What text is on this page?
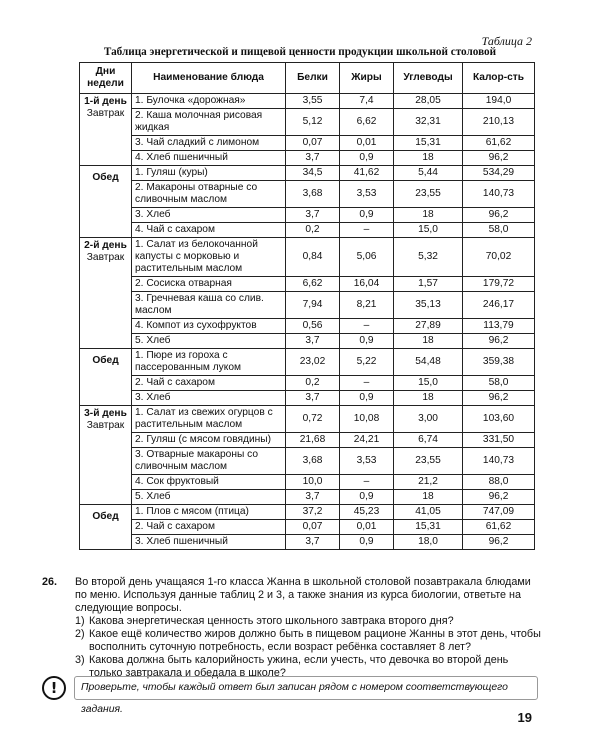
Таблица 2
Таблица энергетической и пищевой ценности продукции школьной столовой
Дни недели	Наименование блюда	Белки	Жиры	Углеводы	Калор-сть

1-й день
Завтрак	1. Булочка «дорожная»	3,55	7,4	28,05	194,0
	2. Каша молочная рисовая жидкая	5,12	6,62	32,31	210,13
	3. Чай сладкий с лимоном	0,07	0,01	15,31	61,62
	4. Хлеб пшеничный	3,7	0,9	18	96,2

Обед	1. Гуляш (куры)	34,5	41,62	5,44	534,29
	2. Макароны отварные со сливочным маслом	3,68	3,53	23,55	140,73
	3. Хлеб	3,7	0,9	18	96,2
	4. Чай с сахаром	0,2	–	15,0	58,0

2-й день
Завтрак	1. Салат из белокочанной капусты с морковью и растительным маслом	0,84	5,06	5,32	70,02
	2. Сосиска отварная	6,62	16,04	1,57	179,72
	3. Гречневая каша со слив. маслом	7,94	8,21	35,13	246,17
	4. Компот из сухофруктов	0,56	–	27,89	113,79
	5. Хлеб	3,7	0,9	18	96,2

Обед	1. Пюре из гороха с пассерованным луком	23,02	5,22	54,48	359,38
	2. Чай с сахаром	0,2	–	15,0	58,0
	3. Хлеб	3,7	0,9	18	96,2

3-й день
Завтрак	1. Салат из свежих огурцов с растительным маслом	0,72	10,08	3,00	103,60
	2. Гуляш (с мясом говядины)	21,68	24,21	6,74	331,50
	3. Отварные макароны со сливочным маслом	3,68	3,53	23,55	140,73
	4. Сок фруктовый	10,0	–	21,2	88,0
	5. Хлеб	3,7	0,9	18	96,2

Обед	1. Плов с мясом (птица)	37,2	45,23	41,05	747,09
	2. Чай с сахаром	0,07	0,01	15,31	61,62
	3. Хлеб пшеничный	3,7	0,9	18,0	96,2
26. Во второй день учащаяся 1-го класса Жанна в школьной столовой позавтракала блюдами по меню. Используя данные таблиц 2 и 3, а также знания из курса биологии, ответьте на следующие вопросы.
1) Какова энергетическая ценность этого школьного завтрака второго дня?
2) Какое ещё количество жиров должно быть в пищевом рационе Жанны в этот день, чтобы восполнить суточную потребность, если возраст ребёнка составляет 8 лет?
3) Какова должна быть калорийность ужина, если учесть, что девочка во второй день только завтракала и обедала в школе?
!	Проверьте, чтобы каждый ответ был записан рядом с номером соответствующего задания.
19
